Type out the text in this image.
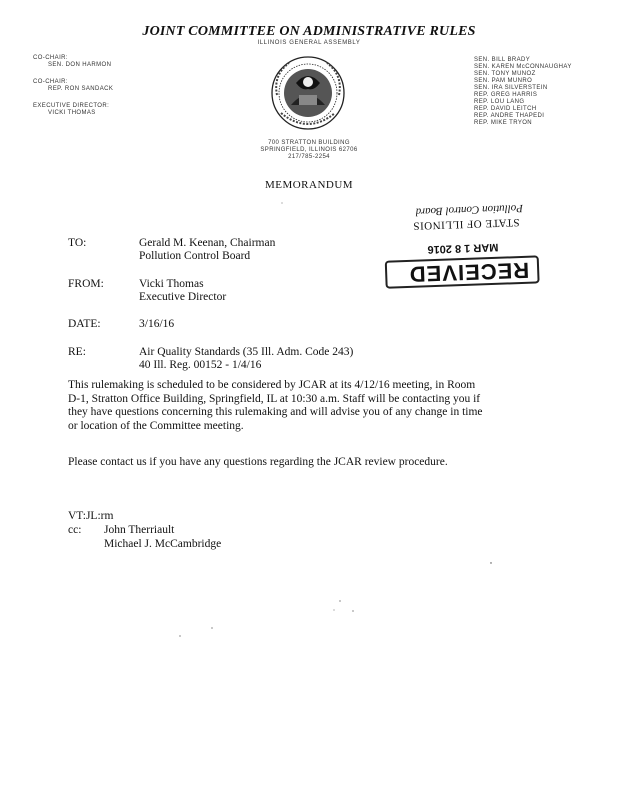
JOINT COMMITTEE ON ADMINISTRATIVE RULES
ILLINOIS GENERAL ASSEMBLY
CO-CHAIR:
SEN. DON HARMON
CO-CHAIR:
REP. RON SANDACK
EXECUTIVE DIRECTOR:
VICKI THOMAS
SEN. BILL BRADY
SEN. KAREN McCONNAUGHAY
SEN. TONY MUNOZ
SEN. PAM MUNRO
SEN. IRA SILVERSTEIN
REP. GREG HARRIS
REP. LOU LANG
REP. DAVID LEITCH
REP. ANDRE THAPEDI
REP. MIKE TRYON
700 STRATTON BUILDING
SPRINGFIELD, ILLINOIS 62706
217/785-2254
MEMORANDUM
RECEIVED
MAR 1 8 2016
STATE OF ILLINOIS
Pollution Control Board
TO:	Gerald M. Keenan, Chairman
Pollution Control Board
FROM:	Vicki Thomas
Executive Director
DATE:	3/16/16
RE:	Air Quality Standards (35 Ill. Adm. Code 243)
40 Ill. Reg. 00152 - 1/4/16
This rulemaking is scheduled to be considered by JCAR at its 4/12/16 meeting, in Room D-1, Stratton Office Building, Springfield, IL at 10:30 a.m. Staff will be contacting you if they have questions concerning this rulemaking and will advise you of any change in time or location of the Committee meeting.
Please contact us if you have any questions regarding the JCAR review procedure.
VT:JL:rm
cc: John Therriault
Michael J. McCambridge
